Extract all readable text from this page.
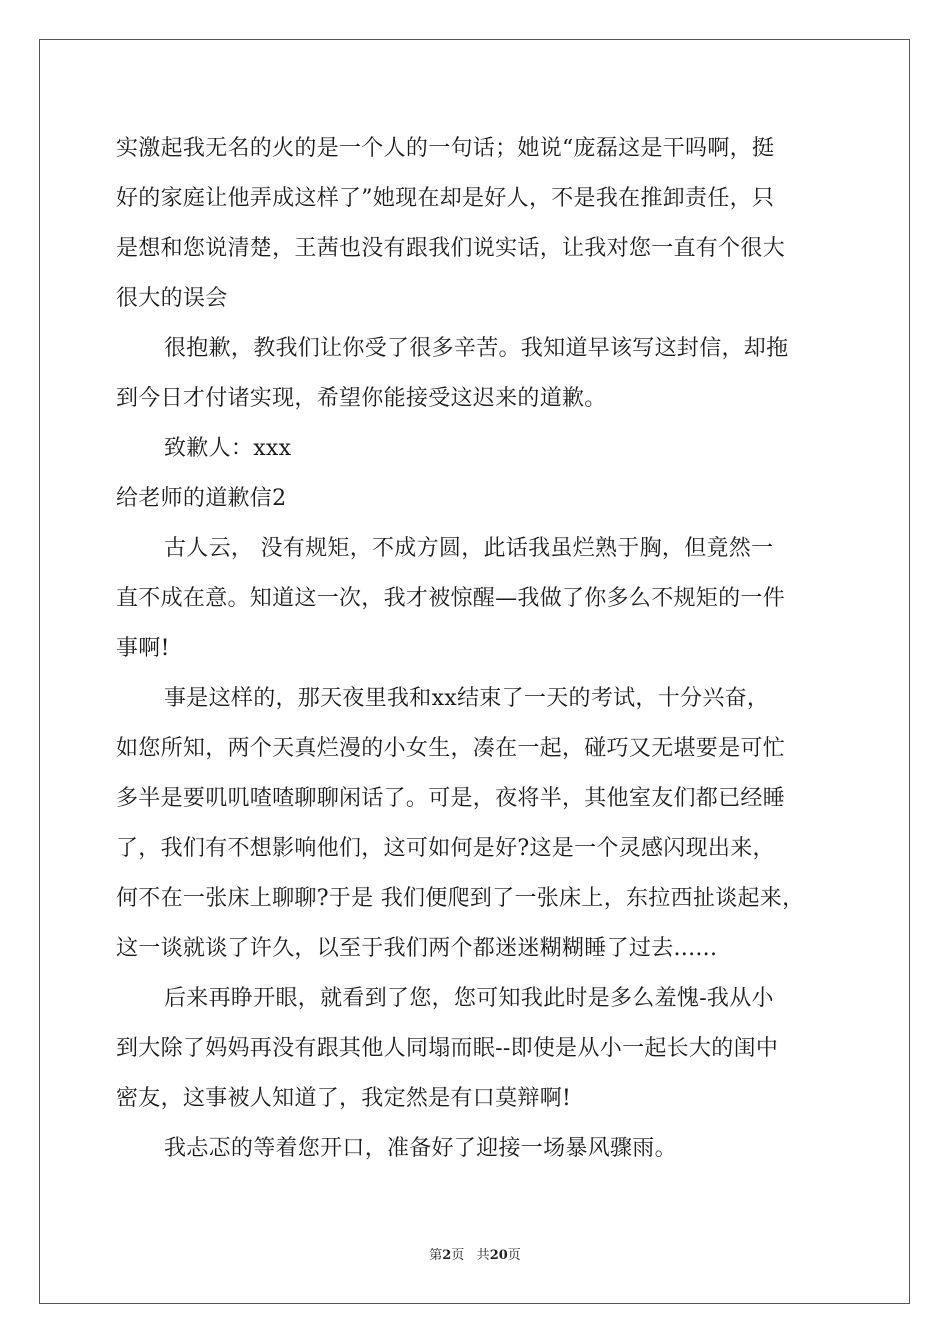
实激起我无名的火的是一个人的一句话；她说“庞磊这是干吗啊，挺
好的家庭让他弄成这样了”她现在却是好人，不是我在推卸责任，只
是想和您说清楚，王茜也没有跟我们说实话，让我对您一直有个很大
很大的误会
很抱歉，教我们让你受了很多辛苦。我知道早该写这封信，却拖
到今日才付诸实现，希望你能接受这迟来的道歉。
致歉人：xxx
给老师的道歉信2
古人云， 没有规矩，不成方圆，此话我虽烂熟于胸，但竟然一
直不成在意。知道这一次，我才被惊醒—我做了你多么不规矩的一件
事啊!
事是这样的，那天夜里我和xx结束了一天的考试，十分兴奋，
如您所知，两个天真烂漫的小女生，凑在一起，碰巧又无堪要是可忙
多半是要叽叽喳喳聊聊闲话了。可是，夜将半，其他室友们都已经睡
了，我们有不想影响他们，这可如何是好?这是一个灵感闪现出来，
何不在一张床上聊聊?于是 我们便爬到了一张床上，东拉西扯谈起来，
这一谈就谈了许久，以至于我们两个都迷迷糊糊睡了过去......
后来再睁开眼，就看到了您，您可知我此时是多么羞愧-我从小
到大除了妈妈再没有跟其他人同塌而眠--即使是从小一起长大的闺中
密友，这事被人知道了，我定然是有口莫辩啊!
我忐忑的等着您开口，准备好了迎接一场暴风骤雨。
第2页 共20页
